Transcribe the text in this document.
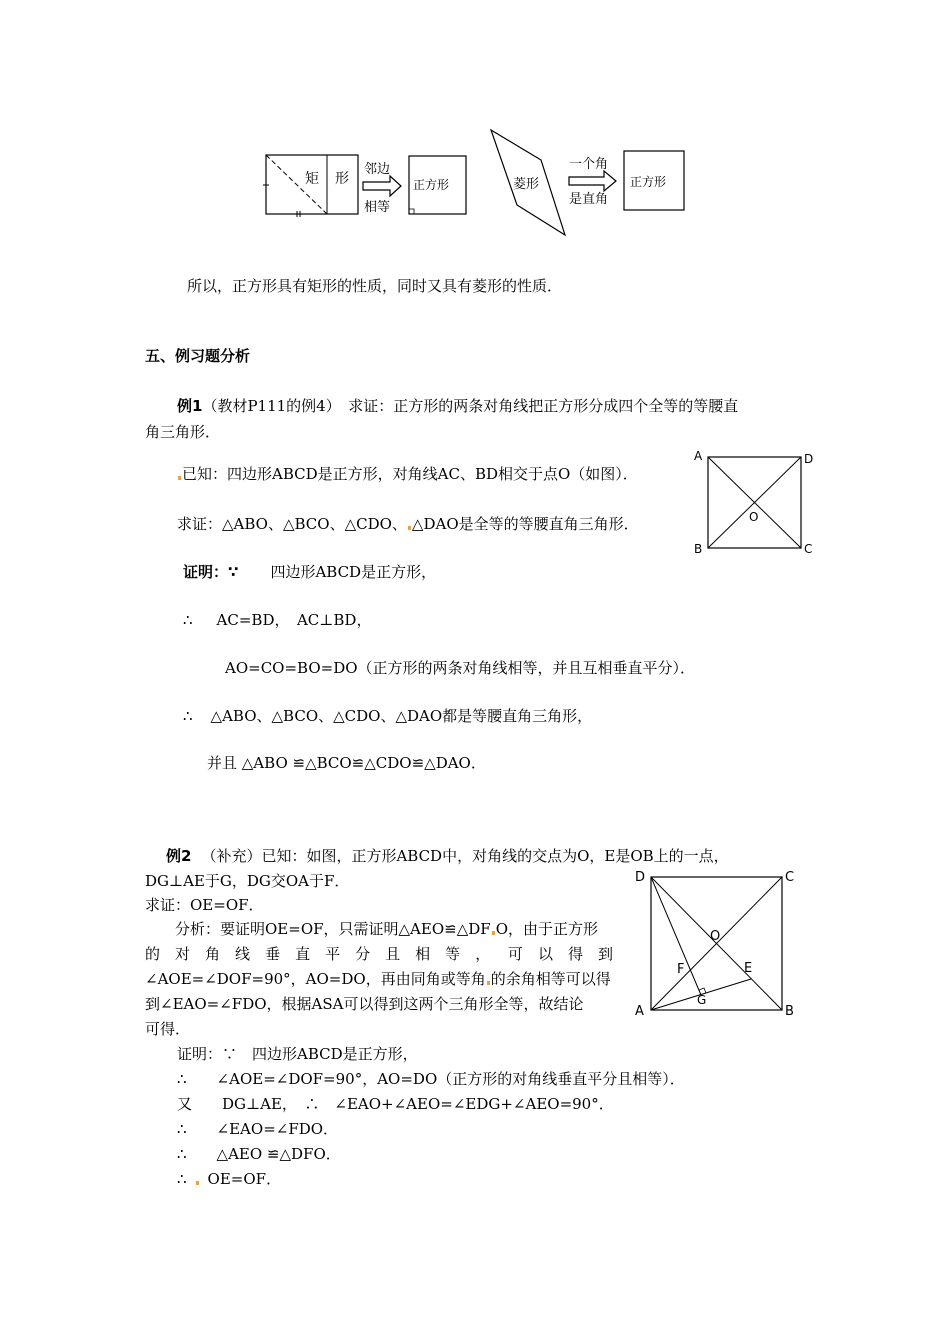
矩 形
邻边
相等
正方形	菱形
一个角
是直角
正方形
所以，正方形具有矩形的性质，同时又具有菱形的性质．
五、例习题分析
例1（教材P111的例4）　求证：正方形的两条对角线把正方形分成四个全等的等腰直
角三角形．
已知：四边形ABCD是正方形，对角线AC、BD相交于点O（如图）．
求证：△ABO、△BCO、△CDO、 △DAO是全等的等腰直角三角形．
证明：∵ 四边形ABCD是正方形，
∴ AC=BD，　AC⊥BD，
AO=CO=BO=DO（正方形的两条对角线相等，并且互相垂直平分）．
∴ △ABO、△BCO、△CDO、△DAO都是等腰直角三角形，
并且 △ABO ≌△BCO≌△CDO≌△DAO．
A	D
B	C
O
例2 （补充）已知：如图，正方形ABCD中，对角线的交点为O，E是OB上的一点，
DG⊥AE于G，DG交OA于F．
求证：OE=OF．
　　分析：要证明OE=OF，只需证明△AEO≌△DF O，由于正方形
的 对 角 线 垂 直 平 分 且 相 等 ，　可 以 得 到
∠AOE=∠DOF=90°，AO=DO，再由同角或等角 的余角相等可以得
到∠EAO=∠FDO，根据ASA可以得到这两个三角形全等，故结论
可得．
证明：∵　四边形ABCD是正方形，
∴　　∠AOE=∠DOF=90°，AO=DO（正方形的对角线垂直平分且相等）．
又　　DG⊥AE，　∴　∠EAO+∠AEO=∠EDG+∠AEO=90°．
∴　　∠EAO=∠FDO．
∴　　△AEO ≌△DFO．
∴ OE=OF．
D	C
A	B
O
E
F
G
